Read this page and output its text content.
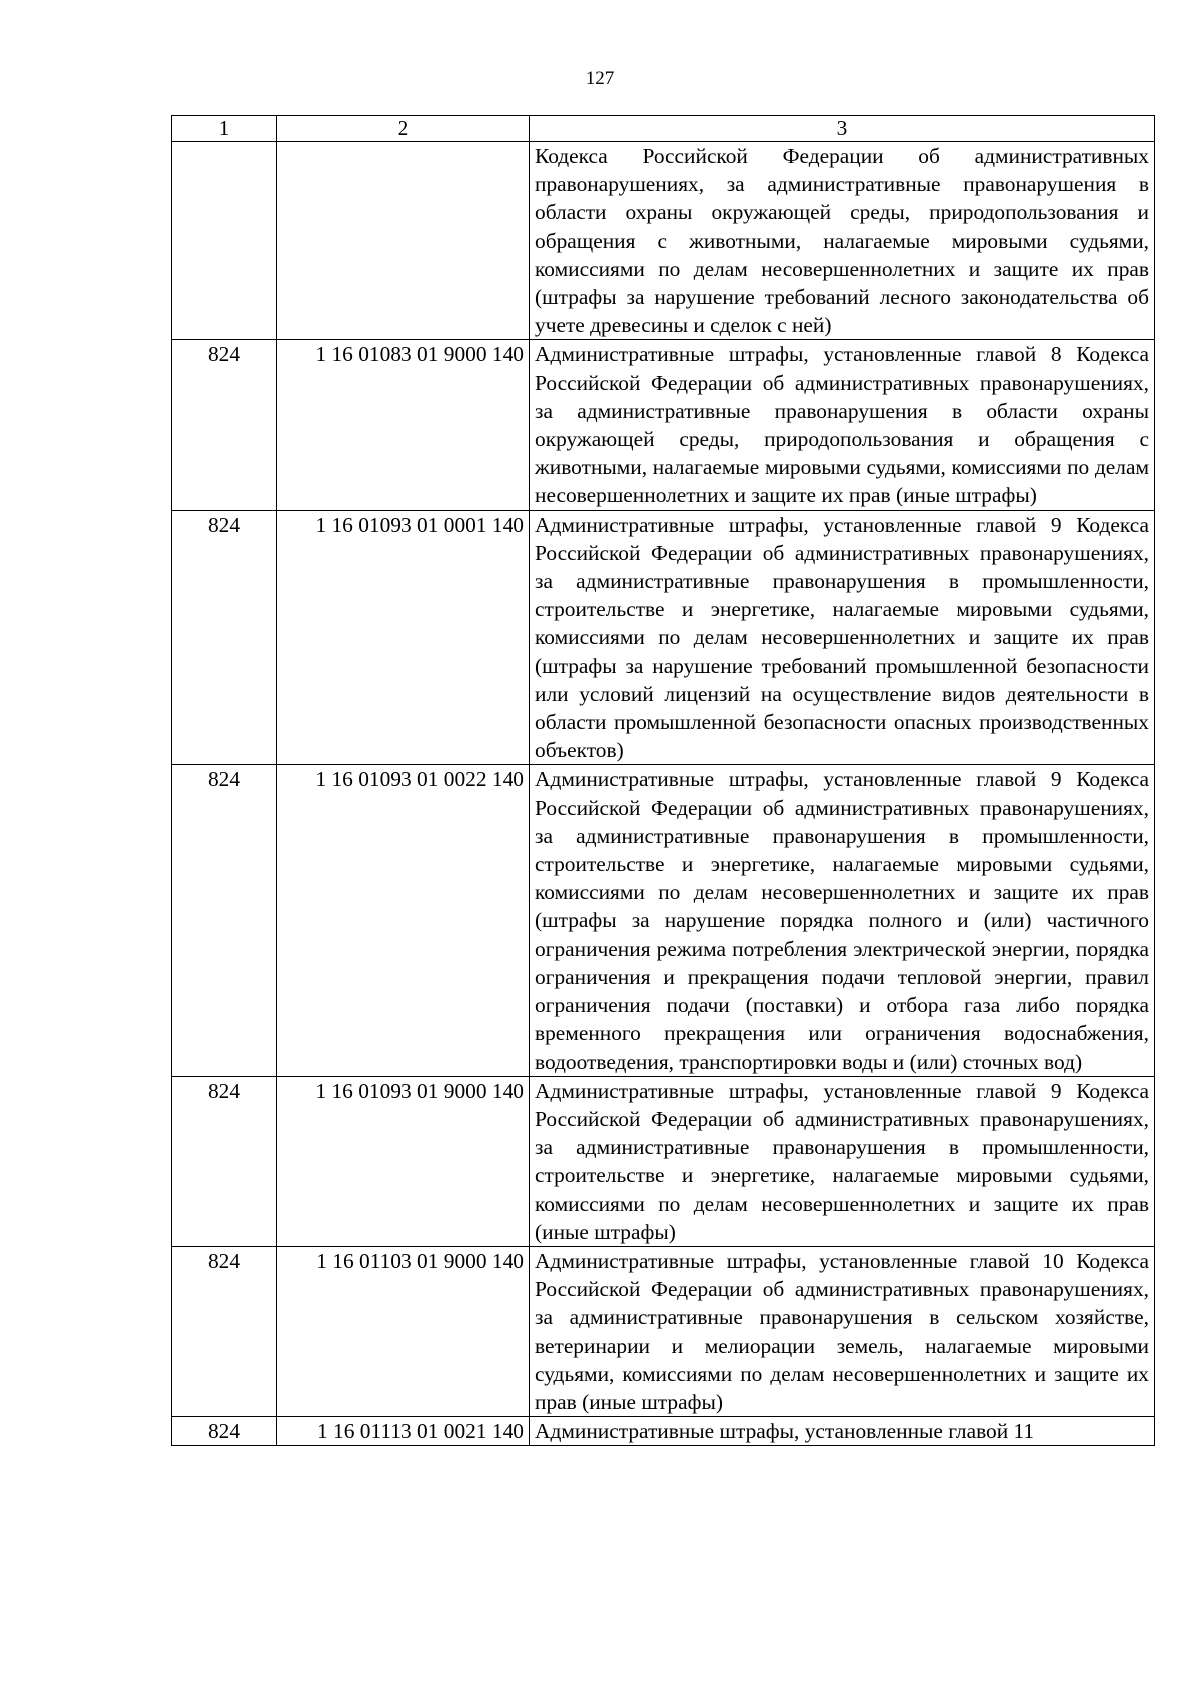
127
1	2	3
		Кодекса Российской Федерации об административных правонарушениях, за административные правонарушения в области охраны окружающей среды, природопользования и обращения с животными, налагаемые мировыми судьями, комиссиями по делам несовершеннолетних и защите их прав (штрафы за нарушение требований лесного законодательства об учете древесины и сделок с ней)
824	1 16 01083 01 9000 140	Административные штрафы, установленные главой 8 Кодекса Российской Федерации об административных правонарушениях, за административные правонарушения в области охраны окружающей среды, природопользования и обращения с животными, налагаемые мировыми судьями, комиссиями по делам несовершеннолетних и защите их прав (иные штрафы)
824	1 16 01093 01 0001 140	Административные штрафы, установленные главой 9 Кодекса Российской Федерации об административных правонарушениях, за административные правонарушения в промышленности, строительстве и энергетике, налагаемые мировыми судьями, комиссиями по делам несовершеннолетних и защите их прав (штрафы за нарушение требований промышленной безопасности или условий лицензий на осуществление видов деятельности в области промышленной безопасности опасных производственных объектов)
824	1 16 01093 01 0022 140	Административные штрафы, установленные главой 9 Кодекса Российской Федерации об административных правонарушениях, за административные правонарушения в промышленности, строительстве и энергетике, налагаемые мировыми судьями, комиссиями по делам несовершеннолетних и защите их прав (штрафы за нарушение порядка полного и (или) частичного ограничения режима потребления электрической энергии, порядка ограничения и прекращения подачи тепловой энергии, правил ограничения подачи (поставки) и отбора газа либо порядка временного прекращения или ограничения водоснабжения, водоотведения, транспортировки воды и (или) сточных вод)
824	1 16 01093 01 9000 140	Административные штрафы, установленные главой 9 Кодекса Российской Федерации об административных правонарушениях, за административные правонарушения в промышленности, строительстве и энергетике, налагаемые мировыми судьями, комиссиями по делам несовершеннолетних и защите их прав (иные штрафы)
824	1 16 01103 01 9000 140	Административные штрафы, установленные главой 10 Кодекса Российской Федерации об административных правонарушениях, за административные правонарушения в сельском хозяйстве, ветеринарии и мелиорации земель, налагаемые мировыми судьями, комиссиями по делам несовершеннолетних и защите их прав (иные штрафы)
824	1 16 01113 01 0021 140	Административные штрафы, установленные главой 11
